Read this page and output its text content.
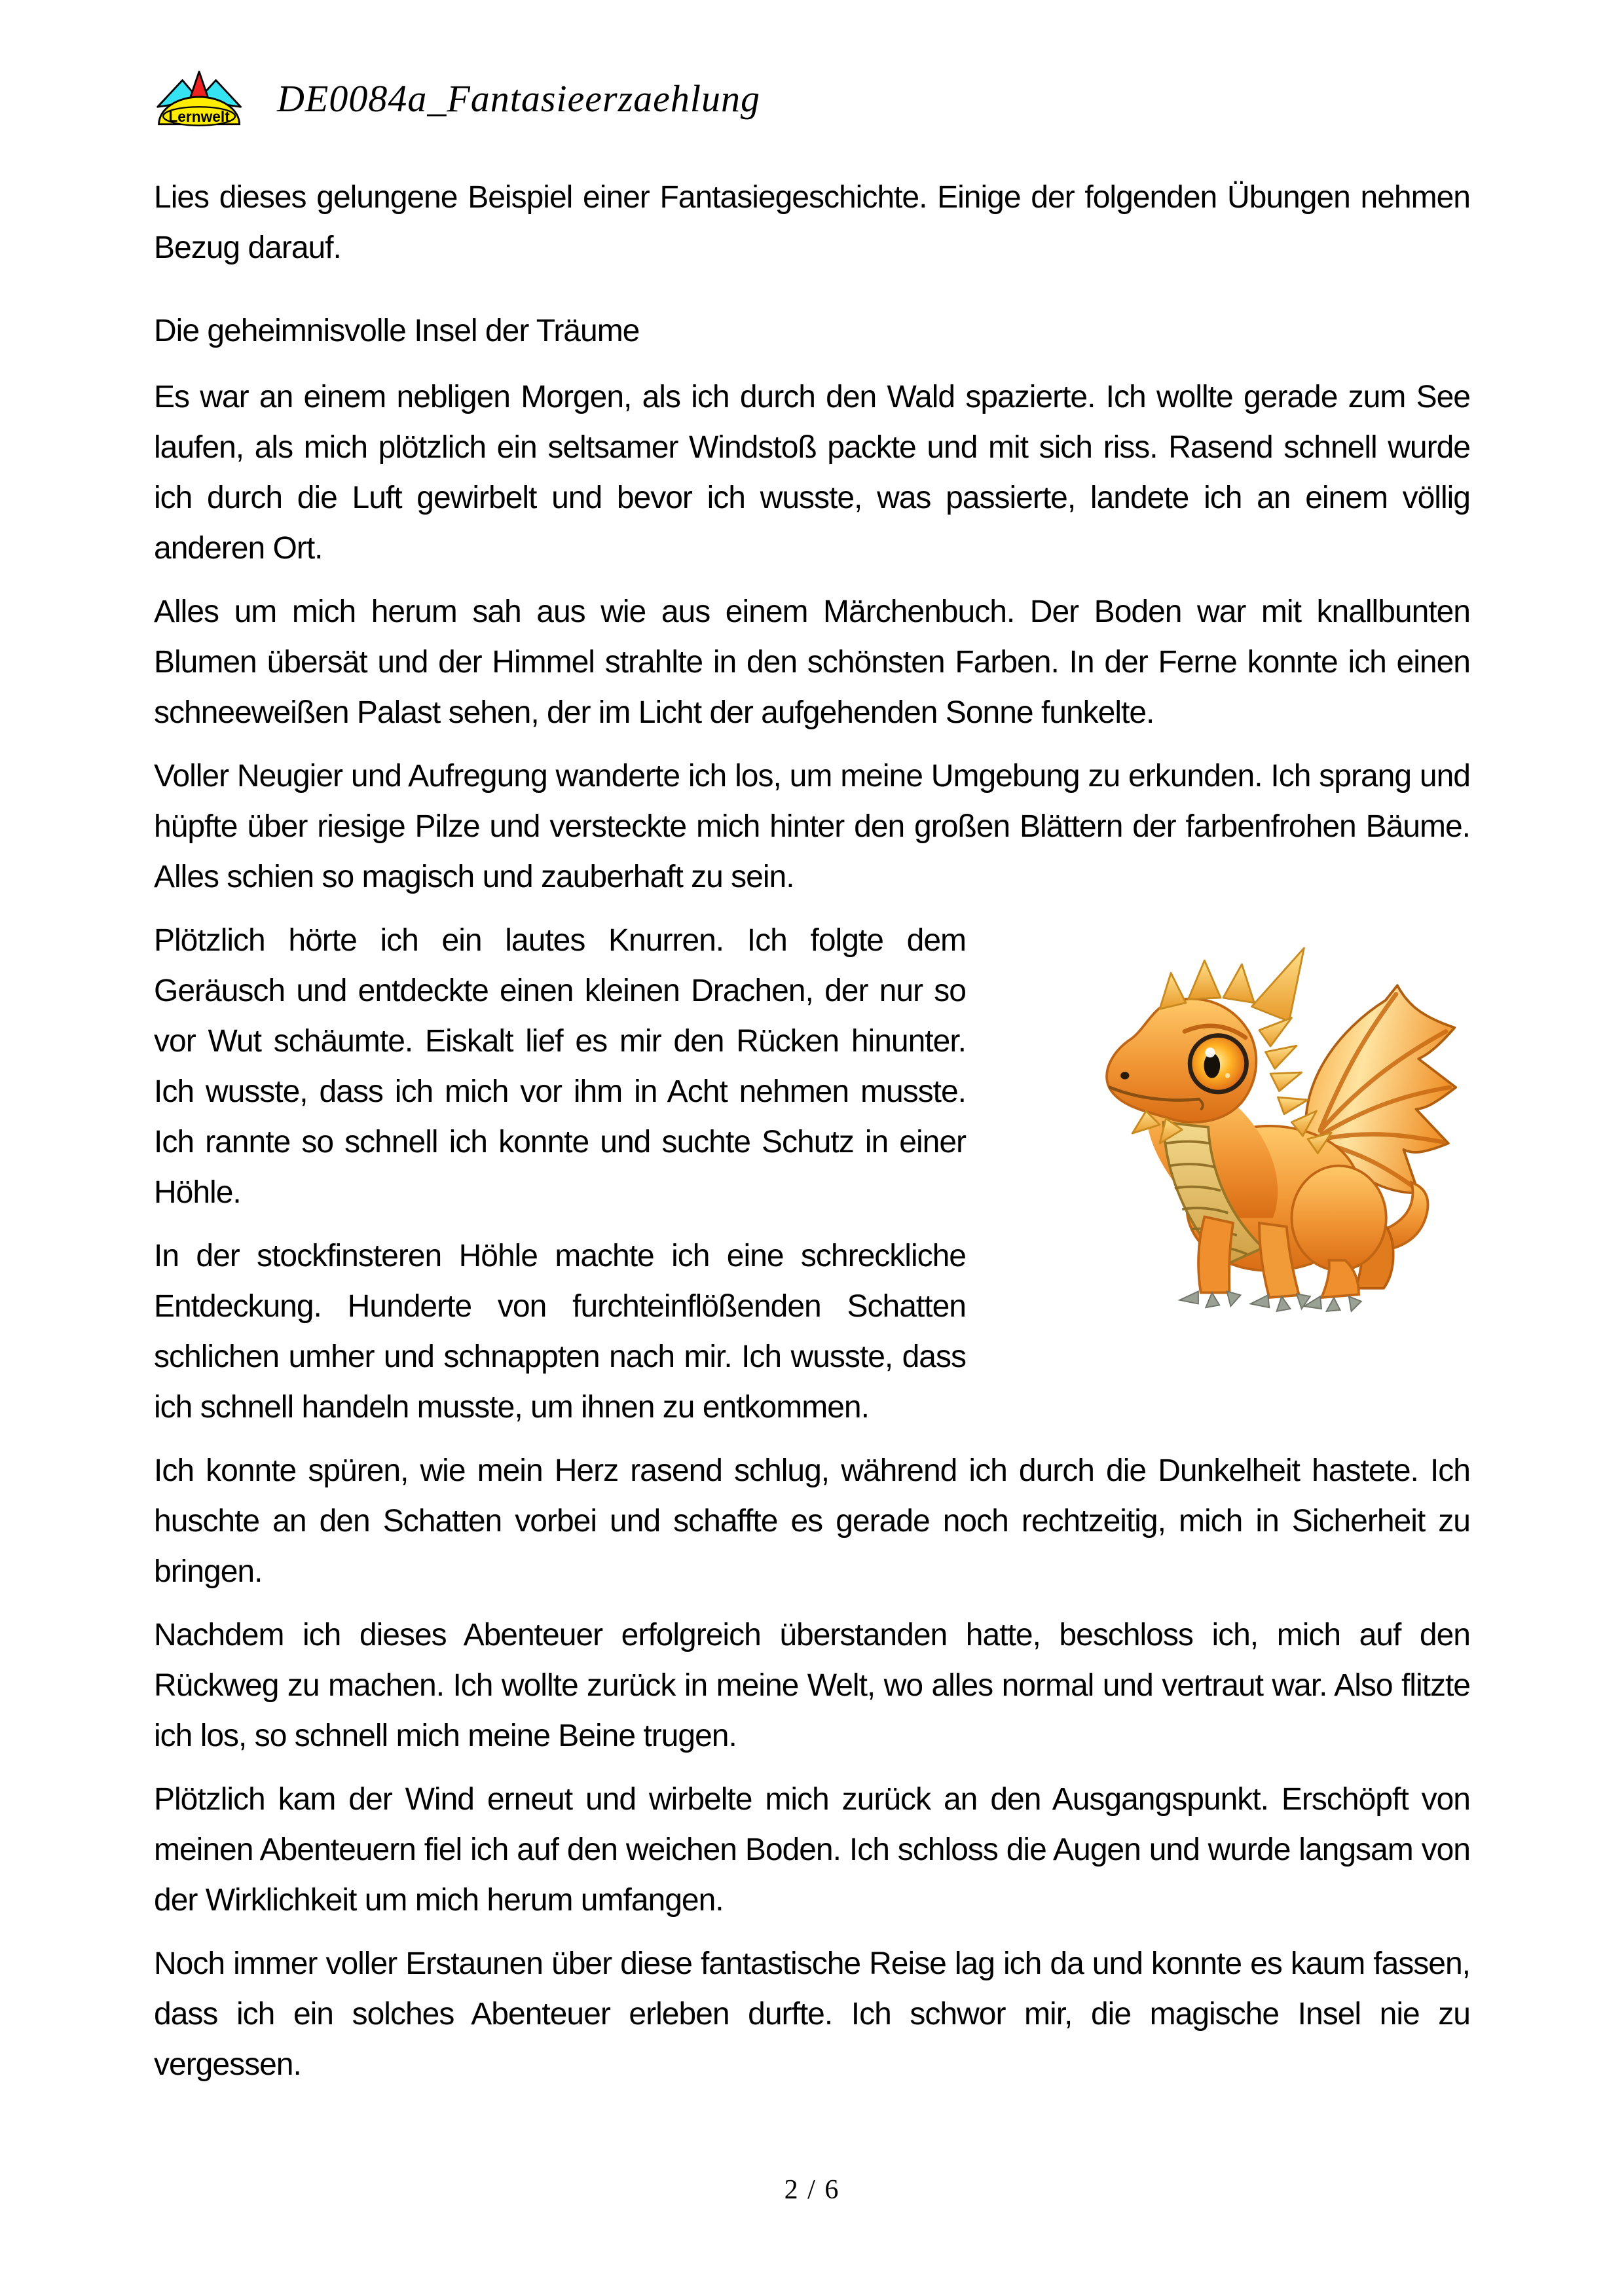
Lernwelt DE0084a_Fantasieerzaehlung

Lies dieses gelungene Beispiel einer Fantasiegeschichte. Einige der folgenden Übungen nehmen Bezug darauf.

Die geheimnisvolle Insel der Träume

Es war an einem nebligen Morgen, als ich durch den Wald spazierte. Ich wollte gerade zum See laufen, als mich plötzlich ein seltsamer Windstoß packte und mit sich riss. Rasend schnell wurde ich durch die Luft gewirbelt und bevor ich wusste, was passierte, landete ich an einem völlig anderen Ort.

Alles um mich herum sah aus wie aus einem Märchenbuch. Der Boden war mit knallbunten Blumen übersät und der Himmel strahlte in den schönsten Farben. In der Ferne konnte ich einen schneeweißen Palast sehen, der im Licht der aufgehenden Sonne funkelte.

Voller Neugier und Aufregung wanderte ich los, um meine Umgebung zu erkunden. Ich sprang und hüpfte über riesige Pilze und versteckte mich hinter den großen Blättern der farbenfrohen Bäume. Alles schien so magisch und zauberhaft zu sein.

Plötzlich hörte ich ein lautes Knurren. Ich folgte dem Geräusch und entdeckte einen kleinen Drachen, der nur so vor Wut schäumte. Eiskalt lief es mir den Rücken hinunter. Ich wusste, dass ich mich vor ihm in Acht nehmen musste. Ich rannte so schnell ich konnte und suchte Schutz in einer Höhle.

In der stockfinsteren Höhle machte ich eine schreckliche Entdeckung. Hunderte von furchteinflößenden Schatten schlichen umher und schnappten nach mir. Ich wusste, dass ich schnell handeln musste, um ihnen zu entkommen.

Ich konnte spüren, wie mein Herz rasend schlug, während ich durch die Dunkelheit hastete. Ich huschte an den Schatten vorbei und schaffte es gerade noch rechtzeitig, mich in Sicherheit zu bringen.

Nachdem ich dieses Abenteuer erfolgreich überstanden hatte, beschloss ich, mich auf den Rückweg zu machen. Ich wollte zurück in meine Welt, wo alles normal und vertraut war. Also flitzte ich los, so schnell mich meine Beine trugen.

Plötzlich kam der Wind erneut und wirbelte mich zurück an den Ausgangspunkt. Erschöpft von meinen Abenteuern fiel ich auf den weichen Boden. Ich schloss die Augen und wurde langsam von der Wirklichkeit um mich herum umfangen.

Noch immer voller Erstaunen über diese fantastische Reise lag ich da und konnte es kaum fassen, dass ich ein solches Abenteuer erleben durfte. Ich schwor mir, die magische Insel nie zu vergessen.

2 / 6
